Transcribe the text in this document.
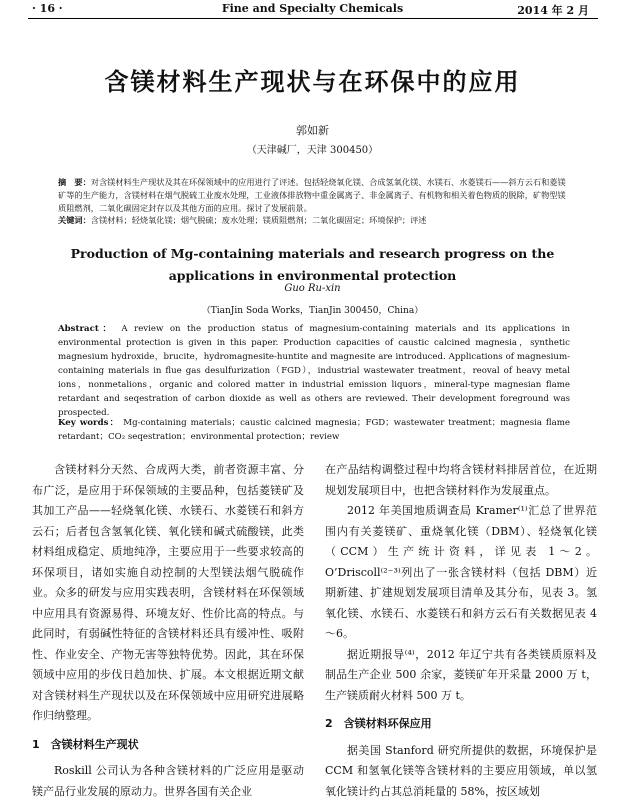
· 16 ·	Fine and Specialty Chemicals	2014 年 2 月
含镁材料生产现状与在环保中的应用
郭如新
（天津碱厂，天津 300450）
摘　要：对含镁材料生产现状及其在环保领域中的应用进行了评述。包括轻烧氧化镁、合成氢氧化镁、水镁石、水菱镁石——斜方云石和菱镁矿等的生产能力，含镁材料在烟气脱硫工业废水处理，工业液体排放物中重金属离子、非金属离子、有机物和相关着色物质的脱除，矿物型镁质阻燃剂，二氧化碳固定封存以及其他方面的应用。探讨了发展前景。
关键词：含镁材料；轻烧氧化镁；烟气脱硫；废水处理；镁质阻燃剂；二氧化碳固定；环境保护；评述
Production of Mg-containing materials and research progress on the
applications in environmental protection
Guo Ru-xin
（TianJin Soda Works，TianJin 300450，China）
Abstract： A review on the production status of magnesium-containing materials and its applications in environmental protection is given in this paper. Production capacities of caustic calcined magnesia，synthetic magnesium hydroxide，brucite，hydromagnesite-huntite and magnesite are introduced. Applications of magnesium-containing materials in flue gas desulfurization（FGD），industrial wastewater treatment，reoval of heavy metal ions，nonmetalions，organic and colored matter in industrial emission liquors，mineral-type magnesian flame retardant and seqestration of carbon dioxide as well as others are reviewed. Their development foreground was prospected.
Key words： Mg-containing materials；caustic calcined magnesia；FGD；wastewater treatment；magnesia flame retardant；CO₂ seqestration；environmental protection；review

含镁材料分天然、合成两大类，前者资源丰富、分布广泛，是应用于环保领域的主要品种，包括菱镁矿及其加工产品——轻烧氧化镁、水镁石、水菱镁石和斜方云石；后者包含氢氧化镁、氧化镁和碱式硫酸镁，此类材料组成稳定、质地纯净，主要应用于一些要求较高的环保项目，诸如实施自动控制的大型镁法烟气脱硫作业。众多的研发与应用实践表明，含镁材料在环保领域中应用具有资源易得、环境友好、性价比高的特点。与此同时，有弱碱性特征的含镁材料还具有缓冲性、吸附性、作业安全、产物无害等独特优势。因此，其在环保领域中应用的步伐日趋加快、扩展。本文根据近期文献对含镁材料生产现状以及在环保领域中应用研究进展略作归纳整理。

1　含镁材料生产现状

Roskill 公司认为各种含镁材料的广泛应用是驱动镁产品行业发展的原动力。世界各国有关企业

在产品结构调整过程中均将含镁材料排居首位，在近期规划发展项目中，也把含镁材料作为发展重点。

2012 年美国地质调查局 Kramer⁽¹⁾汇总了世界范围内有关菱镁矿、重烧氧化镁（DBM）、轻烧氧化镁（CCM）生产统计资料，详见表 1～2。O’Driscoll⁽²⁻³⁾列出了一张含镁材料（包括 DBM）近期新建、扩建规划发展项目清单及其分布，见表 3。氢氧化镁、水镁石、水菱镁石和斜方云石有关数据见表 4～6。

据近期报导⁽⁴⁾，2012 年辽宁共有各类镁质原料及制品生产企业 500 余家，菱镁矿年开采量 2000 万 t，生产镁质耐火材料 500 万 t。

2　含镁材料环保应用

据美国 Stanford 研究所提供的数据，环境保护是 CCM 和氢氧化镁等含镁材料的主要应用领域，单以氢氧化镁计约占其总消耗量的 58%，按区域划
